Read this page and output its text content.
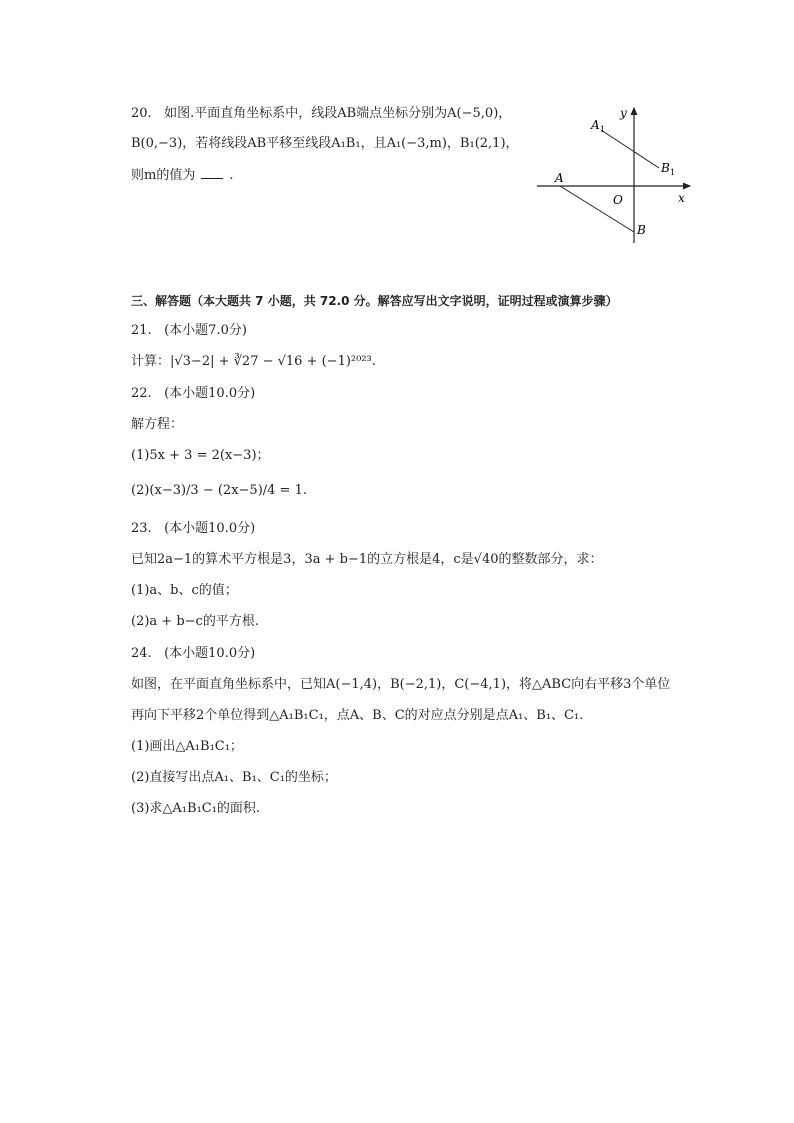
20. 如图.平面直角坐标系中，线段AB端点坐标分别为A(−5,0)，
B(0,−3)，若将线段AB平移至线段A₁B₁，且A₁(−3,m)，B₁(2,1)，
则m的值为	.
y
x
O
A
B
A 1
B 1
三、解答题（本大题共 7 小题，共 72.0 分。解答应写出文字说明，证明过程或演算步骤）
21. (本小题7.0分)
计算：|√3−2| + ∛27 − √16 + (−1)²⁰²³.
22. (本小题10.0分)
解方程：
(1)5x + 3 = 2(x−3)；
(2)(x−3)/3 − (2x−5)/4 = 1.
23. (本小题10.0分)
已知2a−1的算术平方根是3，3a + b−1的立方根是4，c是√40的整数部分，求：
(1)a、b、c的值；
(2)a + b−c的平方根.
24. (本小题10.0分)
如图，在平面直角坐标系中，已知A(−1,4)，B(−2,1)，C(−4,1)，将△ABC向右平移3个单位
再向下平移2个单位得到△A₁B₁C₁，点A、B、C的对应点分别是点A₁、B₁、C₁.
(1)画出△A₁B₁C₁；
(2)直接写出点A₁、B₁、C₁的坐标；
(3)求△A₁B₁C₁的面积.
